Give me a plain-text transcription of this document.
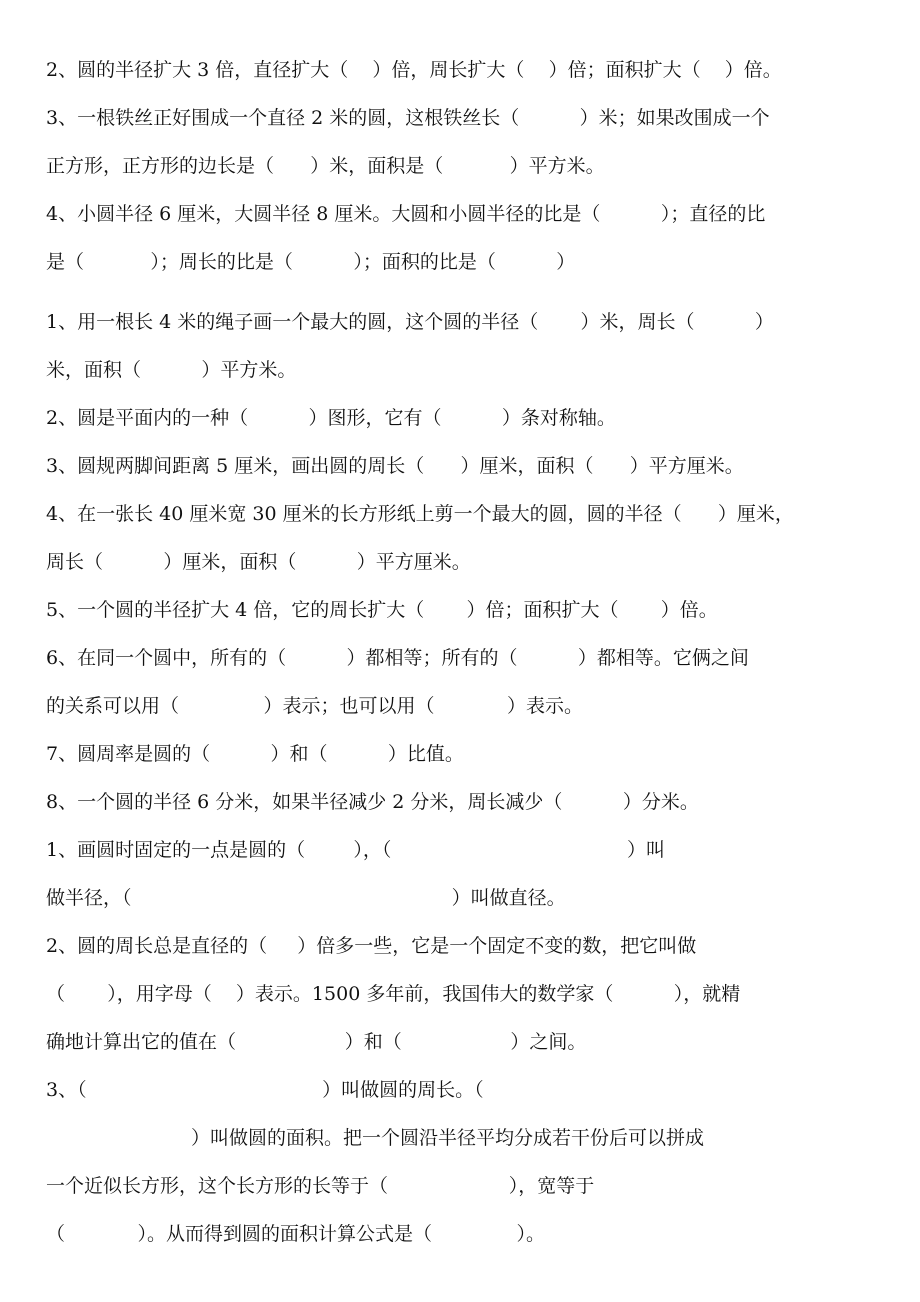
2、圆的半径扩大 3 倍，直径扩大（    ）倍，周长扩大（    ）倍；面积扩大（    ）倍。
3、一根铁丝正好围成一个直径 2 米的圆，这根铁丝长（          ）米；如果改围成一个
正方形，正方形的边长是（      ）米，面积是（           ）平方米。
4、小圆半径 6 厘米，大圆半径 8 厘米。大圆和小圆半径的比是（          ）；直径的比
是（           ）；周长的比是（          ）；面积的比是（          ）
1、用一根长 4 米的绳子画一个最大的圆，这个圆的半径（       ）米，周长（          ）
米，面积（          ）平方米。
2、圆是平面内的一种（          ）图形，它有（          ）条对称轴。
3、圆规两脚间距离 5 厘米，画出圆的周长（      ）厘米，面积（      ）平方厘米。
4、在一张长 40 厘米宽 30 厘米的长方形纸上剪一个最大的圆，圆的半径（      ）厘米，
周长（          ）厘米，面积（          ）平方厘米。
5、一个圆的半径扩大 4 倍，它的周长扩大（       ）倍；面积扩大（       ）倍。
6、在同一个圆中，所有的（          ）都相等；所有的（          ）都相等。它俩之间
的关系可以用（              ）表示；也可以用（            ）表示。
7、圆周率是圆的（          ）和（          ）比值。
8、一个圆的半径 6 分米，如果半径减少 2 分米，周长减少（          ）分米。
1、画圆时固定的一点是圆的（        ），（                                       ）叫
做半径，（                                                     ）叫做直径。
2、圆的周长总是直径的（     ）倍多一些，它是一个固定不变的数，把它叫做
（       ），用字母（    ）表示。1500 多年前，我国伟大的数学家（          ），就精
确地计算出它的值在（                  ）和（                  ）之间。
3、（                                       ）叫做圆的周长。（
）叫做圆的面积。把一个圆沿半径平均分成若干份后可以拼成
一个近似长方形，这个长方形的长等于（                    ），宽等于
（            ）。从而得到圆的面积计算公式是（              ）。
